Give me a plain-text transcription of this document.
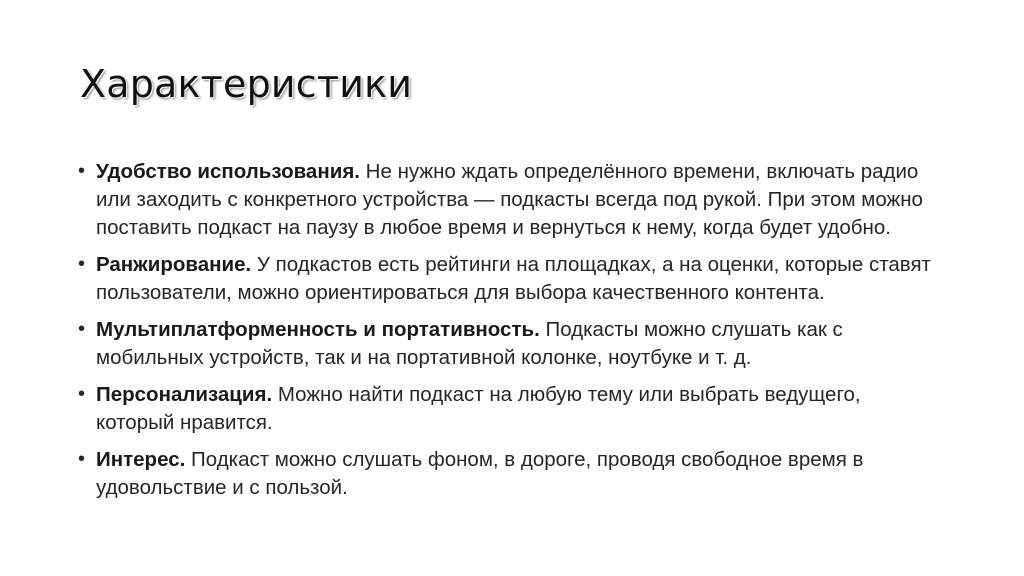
Характеристики
• Удобство использования. Не нужно ждать определённого времени, включать радио или заходить с конкретного устройства — подкасты всегда под рукой. При этом можно поставить подкаст на паузу в любое время и вернуться к нему, когда будет удобно.
• Ранжирование. У подкастов есть рейтинги на площадках, а на оценки, которые ставят пользователи, можно ориентироваться для выбора качественного контента.
• Мультиплатформенность и портативность. Подкасты можно слушать как с мобильных устройств, так и на портативной колонке, ноутбуке и т. д.
• Персонализация. Можно найти подкаст на любую тему или выбрать ведущего, который нравится.
• Интерес. Подкаст можно слушать фоном, в дороге, проводя свободное время в удовольствие и с пользой.
